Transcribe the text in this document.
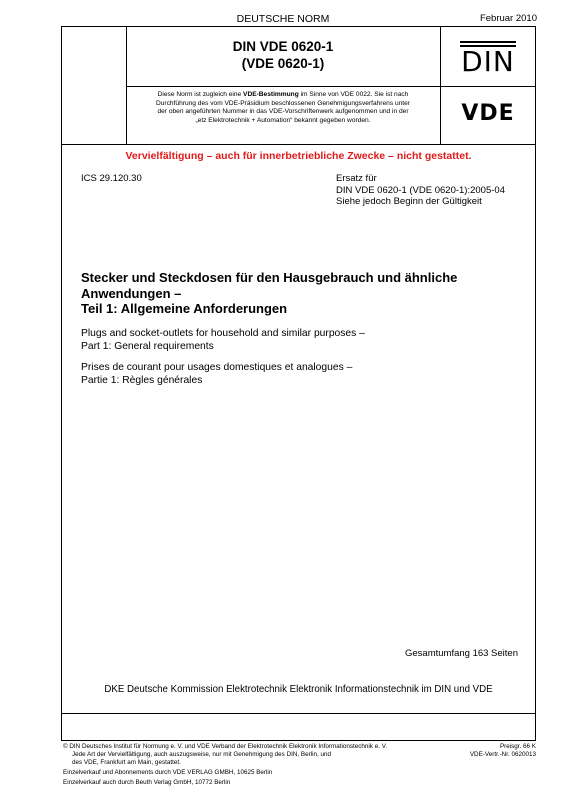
DEUTSCHE NORM	Februar 2010
DIN VDE 0620-1
(VDE 0620-1)	DIN
Diese Norm ist zugleich eine VDE-Bestimmung im Sinne von VDE 0022. Sie ist nach
Durchführung des vom VDE-Präsidium beschlossenen Genehmigungsverfahrens unter
der oben angeführten Nummer in das VDE-Vorschriftenwerk aufgenommen und in der
„etz Elektrotechnik + Automation“ bekannt gegeben worden.	VDE
Vervielfältigung – auch für innerbetriebliche Zwecke – nicht gestattet.
ICS 29.120.30	Ersatz für
DIN VDE 0620-1 (VDE 0620-1):2005-04
Siehe jedoch Beginn der Gültigkeit
Stecker und Steckdosen für den Hausgebrauch und ähnliche
Anwendungen –
Teil 1: Allgemeine Anforderungen
Plugs and socket-outlets for household and similar purposes –
Part 1: General requirements
Prises de courant pour usages domestiques et analogues –
Partie 1: Règles générales
Gesamtumfang 163 Seiten
DKE Deutsche Kommission Elektrotechnik Elektronik Informationstechnik im DIN und VDE
© DIN Deutsches Institut für Normung e. V. und VDE Verband der Elektrotechnik Elektronik Informationstechnik e. V.
Jede Art der Vervielfältigung, auch auszugsweise, nur mit Genehmigung des DIN, Berlin, und
des VDE, Frankfurt am Main, gestattet.
Preisgr. 66 K
VDE-Vertr.-Nr. 0620013
Einzelverkauf und Abonnements durch VDE VERLAG GMBH, 10625 Berlin
Einzelverkauf auch durch Beuth Verlag GmbH, 10772 Berlin
